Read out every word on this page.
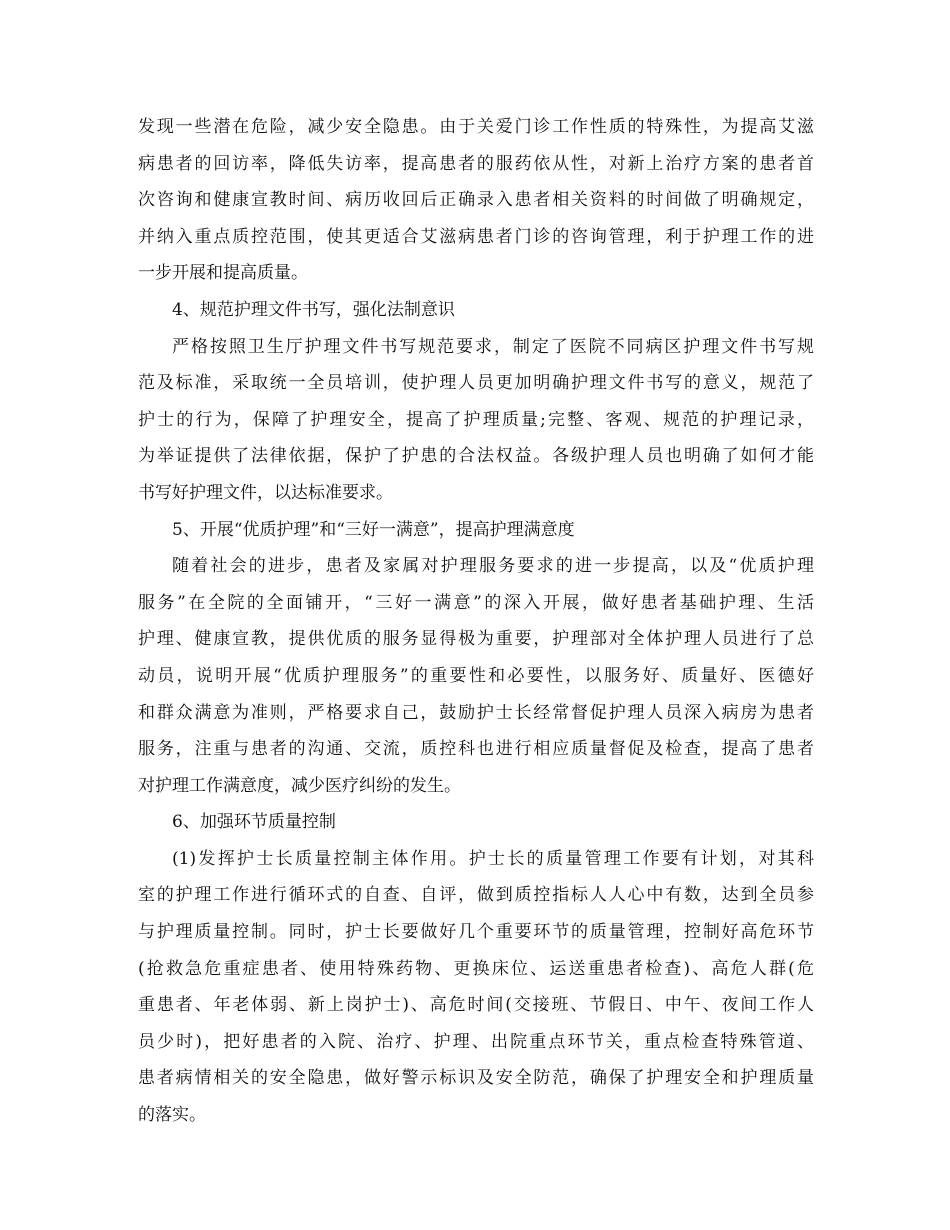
发现一些潜在危险，减少安全隐患。由于关爱门诊工作性质的特殊性，为提高艾滋
病患者的回访率，降低失访率，提高患者的服药依从性，对新上治疗方案的患者首
次咨询和健康宣教时间、病历收回后正确录入患者相关资料的时间做了明确规定，
并纳入重点质控范围，使其更适合艾滋病患者门诊的咨询管理，利于护理工作的进
一步开展和提高质量。
4、规范护理文件书写，强化法制意识
严格按照卫生厅护理文件书写规范要求，制定了医院不同病区护理文件书写规
范及标准，采取统一全员培训，使护理人员更加明确护理文件书写的意义，规范了
护士的行为，保障了护理安全，提高了护理质量;完整、客观、规范的护理记录，
为举证提供了法律依据，保护了护患的合法权益。各级护理人员也明确了如何才能
书写好护理文件，以达标准要求。
5、开展“优质护理”和“三好一满意”，提高护理满意度
随着社会的进步，患者及家属对护理服务要求的进一步提高，以及“优质护理
服务”在全院的全面铺开，“三好一满意”的深入开展，做好患者基础护理、生活
护理、健康宣教，提供优质的服务显得极为重要，护理部对全体护理人员进行了总
动员，说明开展“优质护理服务”的重要性和必要性，以服务好、质量好、医德好
和群众满意为准则，严格要求自己，鼓励护士长经常督促护理人员深入病房为患者
服务，注重与患者的沟通、交流，质控科也进行相应质量督促及检查，提高了患者
对护理工作满意度，减少医疗纠纷的发生。
6、加强环节质量控制
(1)发挥护士长质量控制主体作用。护士长的质量管理工作要有计划，对其科
室的护理工作进行循环式的自查、自评，做到质控指标人人心中有数，达到全员参
与护理质量控制。同时，护士长要做好几个重要环节的质量管理，控制好高危环节
(抢救急危重症患者、使用特殊药物、更换床位、运送重患者检查)、高危人群(危
重患者、年老体弱、新上岗护士)、高危时间(交接班、节假日、中午、夜间工作人
员少时)，把好患者的入院、治疗、护理、出院重点环节关，重点检查特殊管道、
患者病情相关的安全隐患，做好警示标识及安全防范，确保了护理安全和护理质量
的落实。
